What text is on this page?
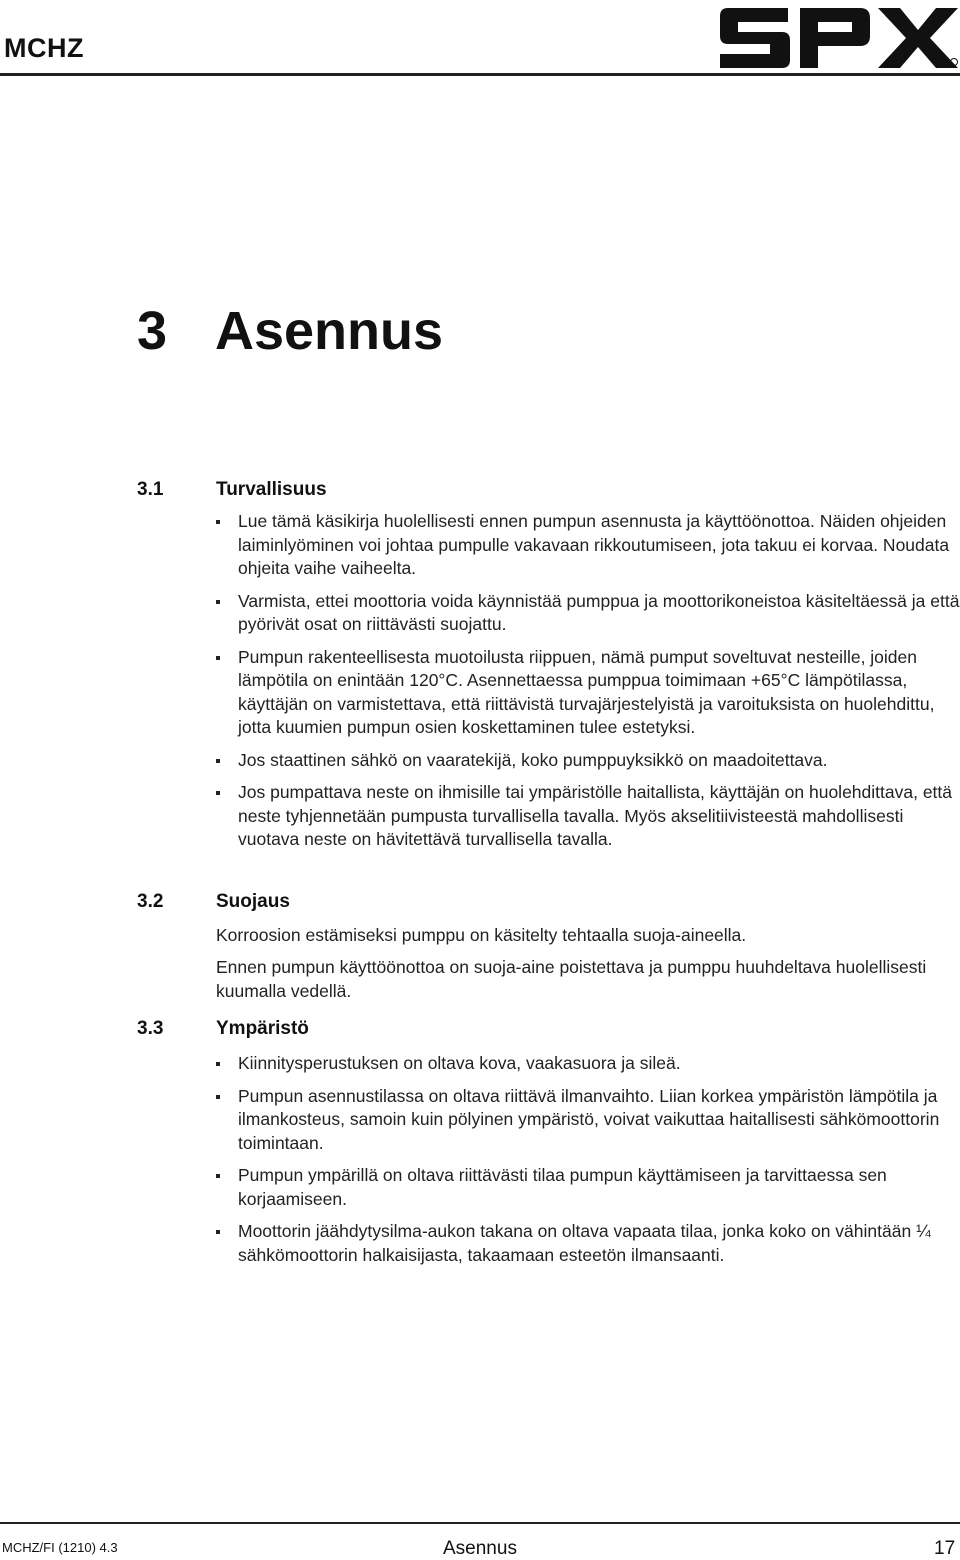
MCHZ
3 Asennus
3.1	Turvallisuus
Lue tämä käsikirja huolellisesti ennen pumpun asennusta ja käyttöönottoa. Näiden ohjeiden laiminlyöminen voi johtaa pumpulle vakavaan rikkoutumiseen, jota takuu ei korvaa. Noudata ohjeita vaihe vaiheelta.
Varmista, ettei moottoria voida käynnistää pumppua ja moottorikoneistoa käsiteltäessä ja että pyörivät osat on riittävästi suojattu.
Pumpun rakenteellisesta muotoilusta riippuen, nämä pumput soveltuvat nesteille, joiden lämpötila on enintään 120°C. Asennettaessa pumppua toimimaan +65°C lämpötilassa, käyttäjän on varmistettava, että riittävistä turvajärjestelyistä ja varoituksista on huolehdittu, jotta kuumien pumpun osien koskettaminen tulee estetyksi.
Jos staattinen sähkö on vaaratekijä, koko pumppuyksikkö on maadoitettava.
Jos pumpattava neste on ihmisille tai ympäristölle haitallista, käyttäjän on huolehdittava, että neste tyhjennetään pumpusta turvallisella tavalla. Myös akselitiivisteestä mahdollisesti vuotava neste on hävitettävä turvallisella tavalla.
3.2	Suojaus

Korroosion estämiseksi pumppu on käsitelty tehtaalla suoja-aineella.

Ennen pumpun käyttöönottoa on suoja-aine poistettava ja pumppu huuhdeltava huolellisesti kuumalla vedellä.

3.3	Ympäristö
Kiinnitysperustuksen on oltava kova, vaakasuora ja sileä.
Pumpun asennustilassa on oltava riittävä ilmanvaihto. Liian korkea ympäristön lämpötila ja ilmankosteus, samoin kuin pölyinen ympäristö, voivat vaikuttaa haitallisesti sähkömoottorin toimintaan.
Pumpun ympärillä on oltava riittävästi tilaa pumpun käyttämiseen ja tarvittaessa sen korjaamiseen.
Moottorin jäähdytysilma-aukon takana on oltava vapaata tilaa, jonka koko on vähintään ¼ sähkömoottorin halkaisijasta, takaamaan esteetön ilmansaanti.
MCHZ/FI (1210) 4.3	Asennus	17
